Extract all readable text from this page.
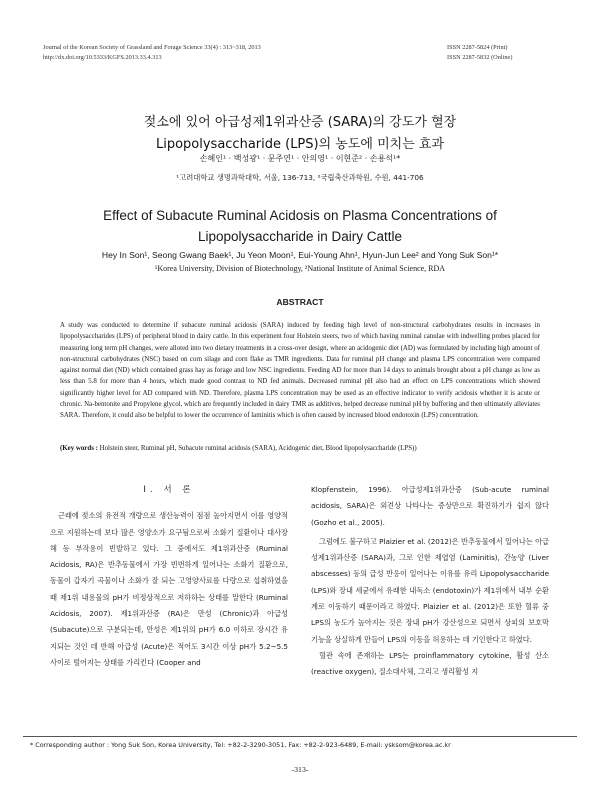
Journal of the Korean Society of Grassland and Forage Science 33(4) : 313~318, 2013
http://dx.doi.org/10.5333/KGFS.2013.33.4.313
ISSN 2287-5824 (Print)
ISSN 2287-5832 (Online)
젖소에 있어 아급성제1위과산증 (SARA)의 강도가 혈장
Lipopolysaccharide (LPS)의 농도에 미치는 효과
손혜인¹ · 백성광¹ · 문주연¹ · 안의영¹ · 이현준² · 손용석¹*
¹고려대학교 생명과학대학, 서울, 136-713, ²국립축산과학원, 수원, 441-706
Effect of Subacute Ruminal Acidosis on Plasma Concentrations of
Lipopolysaccharide in Dairy Cattle
Hey In Son¹, Seong Gwang Baek¹, Ju Yeon Moon¹, Eui-Young Ahn¹, Hyun-Jun Lee² and Yong Suk Son¹*
¹Korea University, Division of Biotechnology, ²National Institute of Animal Science, RDA
ABSTRACT

A study was conducted to determine if subacute ruminal acidosis (SARA) induced by feeding high level of non-structural carbohydrates results in increases in lipopolysaccharides (LPS) of peripheral blood in dairy cattle. In this experiment four Holstein steers, two of which having ruminal canulae with indwelling probes placed for measuring long term pH changes, were alloted into two dietary treatments in a cross-over design, where an acidogenic diet (AD) was formulated by including high amount of non-structural carbohydrates (NSC) based on corn silage and corn flake as TMR ingredients. Data for ruminal pH change and plasma LPS concentration were compared against normal diet (ND) which contained grass hay as forage and low NSC ingredients. Feeding AD for more than 14 days to animals brought about a pH change as low as less than 5.8 for more than 4 hours, which made good contrast to ND fed animals. Decreased ruminal pH also had an effect on LPS concentrations which showed significantly higher level for AD compared with ND. Therefore, plasma LPS concentration may be used as an effective indicator to verify acidosis whether it is acute or chronic. Na-bentonite and Propylene glycol, which are frequently included in dairy TMR as additives, helped decrease ruminal pH by buffering and then ultimately alleviates SARA. Therefore, it could also be helpful to lower the occurrence of laminitis which is often caused by increased blood endotoxin (LPS) concentration.

(Key words : Holstein steer, Ruminal pH, Subacute ruminal acidosis (SARA), Acidogenic diet, Blood lipopolysaccharide (LPS))

Ⅰ. 서 론

근래에 젖소의 유전적 개량으로 생산능력이 점점 높아지면서 이를 영양적으로 지원하는데 보다 많은 영양소가 요구됨으로써 소화기 질환이나 대사장해 등 부작용이 빈발하고 있다. 그 중에서도 제1위과산증 (Ruminal Acidosis, RA)은 반추동물에서 가장 빈번하게 일어나는 소화기 질환으로, 동물이 갑자기 곡물이나 소화가 잘 되는 고영양사료를 다량으로 섭취하였을 때 제1위 내용물의 pH가 비정상적으로 저하하는 상태를 말한다 (Ruminal Acidosis, 2007). 제1위과산증 (RA)은 만성 (Chronic)과 아급성 (Subacute)으로 구분되는데, 만성은 제1위의 pH가 6.0 이하로 장시간 유지되는 것인 데 반해 아급성 (Acute)은 적어도 3시간 이상 pH가 5.2~5.5 사이로 떨어지는 상태를 가리킨다 (Cooper and

Klopfenstein, 1996). 아급성제1위과산증 (Sub-acute ruminal acidosis, SARA)은 외견상 나타나는 증상만으로 확진하기가 쉽지 않다 (Gozho et al., 2005).

그럼에도 불구하고 Plaizier et al. (2012)은 반추동물에서 일어나는 아급성제1위과산증 (SARA)과, 그로 인한 제엽염 (Laminitis), 간농양 (Liver abscesses) 등의 급성 반응이 일어나는 이유를 유리 Lipopolysaccharide (LPS)와 장내 세균에서 유래한 내독소 (endotoxin)가 제1위에서 내부 순환계로 이동하기 때문이라고 하였다. Plaizier et al. (2012)은 또한 혈류 중 LPS의 농도가 높아지는 것은 장내 pH가 강산성으로 되면서 상피의 보호막 기능을 상실하게 만들어 LPS의 이동을 허용하는 데 기인한다고 하였다.

혈관 속에 존재하는 LPS는 proinflammatory cytokine, 활성 산소 (reactive oxygen), 질소대사체, 그리고 생리활성 지

* Corresponding author : Yong Suk Son, Korea University, Tel: +82-2-3290-3051, Fax: +82-2-923-6489, E-mail: ysksom@korea.ac.kr
-313-
